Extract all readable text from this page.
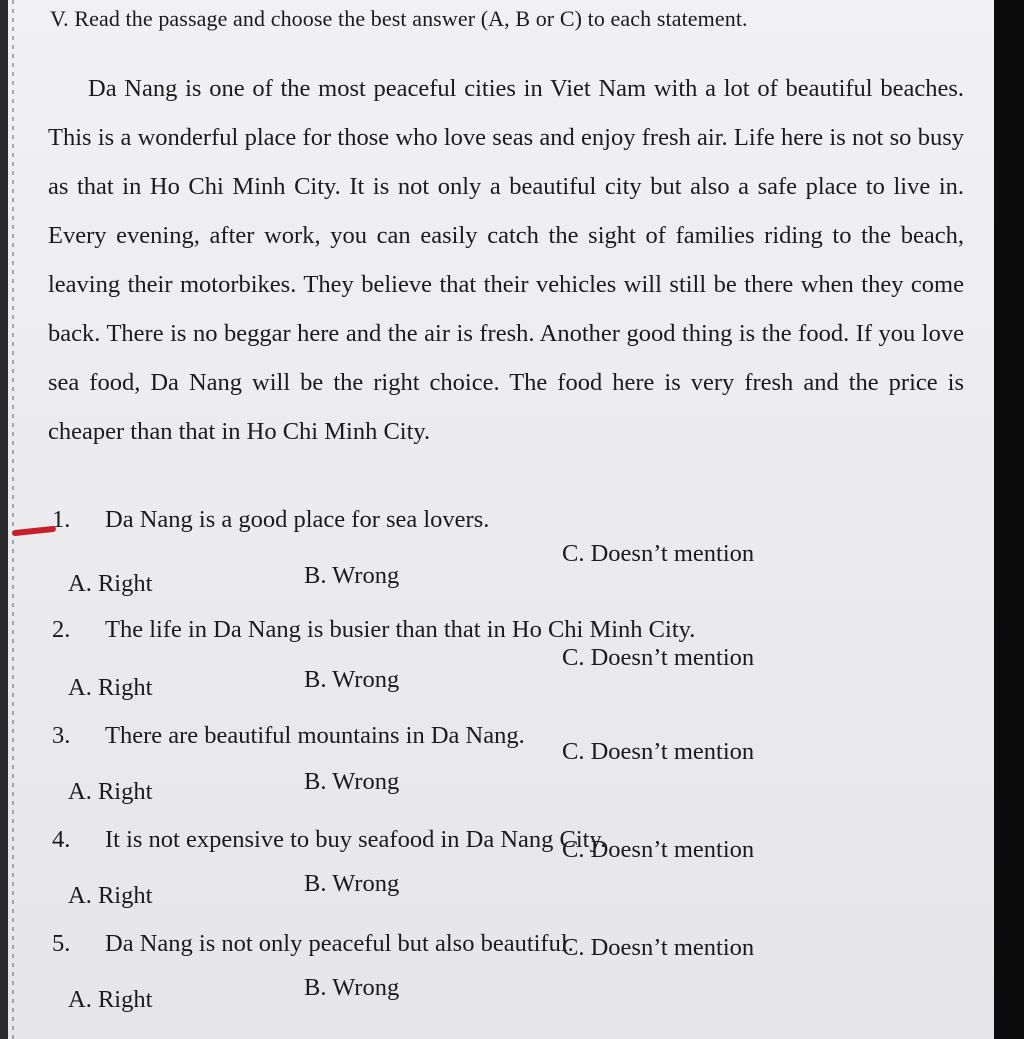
V. Read the passage and choose the best answer (A, B or C) to each statement.

Da Nang is one of the most peaceful cities in Viet Nam with a lot of beautiful beaches. This is a wonderful place for those who love seas and enjoy fresh air. Life here is not so busy as that in Ho Chi Minh City. It is not only a beautiful city but also a safe place to live in. Every evening, after work, you can easily catch the sight of families riding to the beach, leaving their motorbikes. They believe that their vehicles will still be there when they come back. There is no beggar here and the air is fresh. Another good thing is the food. If you love sea food, Da Nang will be the right choice. The food here is very fresh and the price is cheaper than that in Ho Chi Minh City.

1.	Da Nang is a good place for sea lovers.
A. Right	B. Wrong
C. Doesn’t mention
2.	The life in Da Nang is busier than that in Ho Chi Minh City.
A. Right	B. Wrong
C. Doesn’t mention
3.	There are beautiful mountains in Da Nang.
A. Right	B. Wrong
C. Doesn’t mention
4.	It is not expensive to buy seafood in Da Nang City.
A. Right	B. Wrong
C. Doesn’t mention
5.	Da Nang is not only peaceful but also beautiful.
A. Right	B. Wrong
C. Doesn’t mention
